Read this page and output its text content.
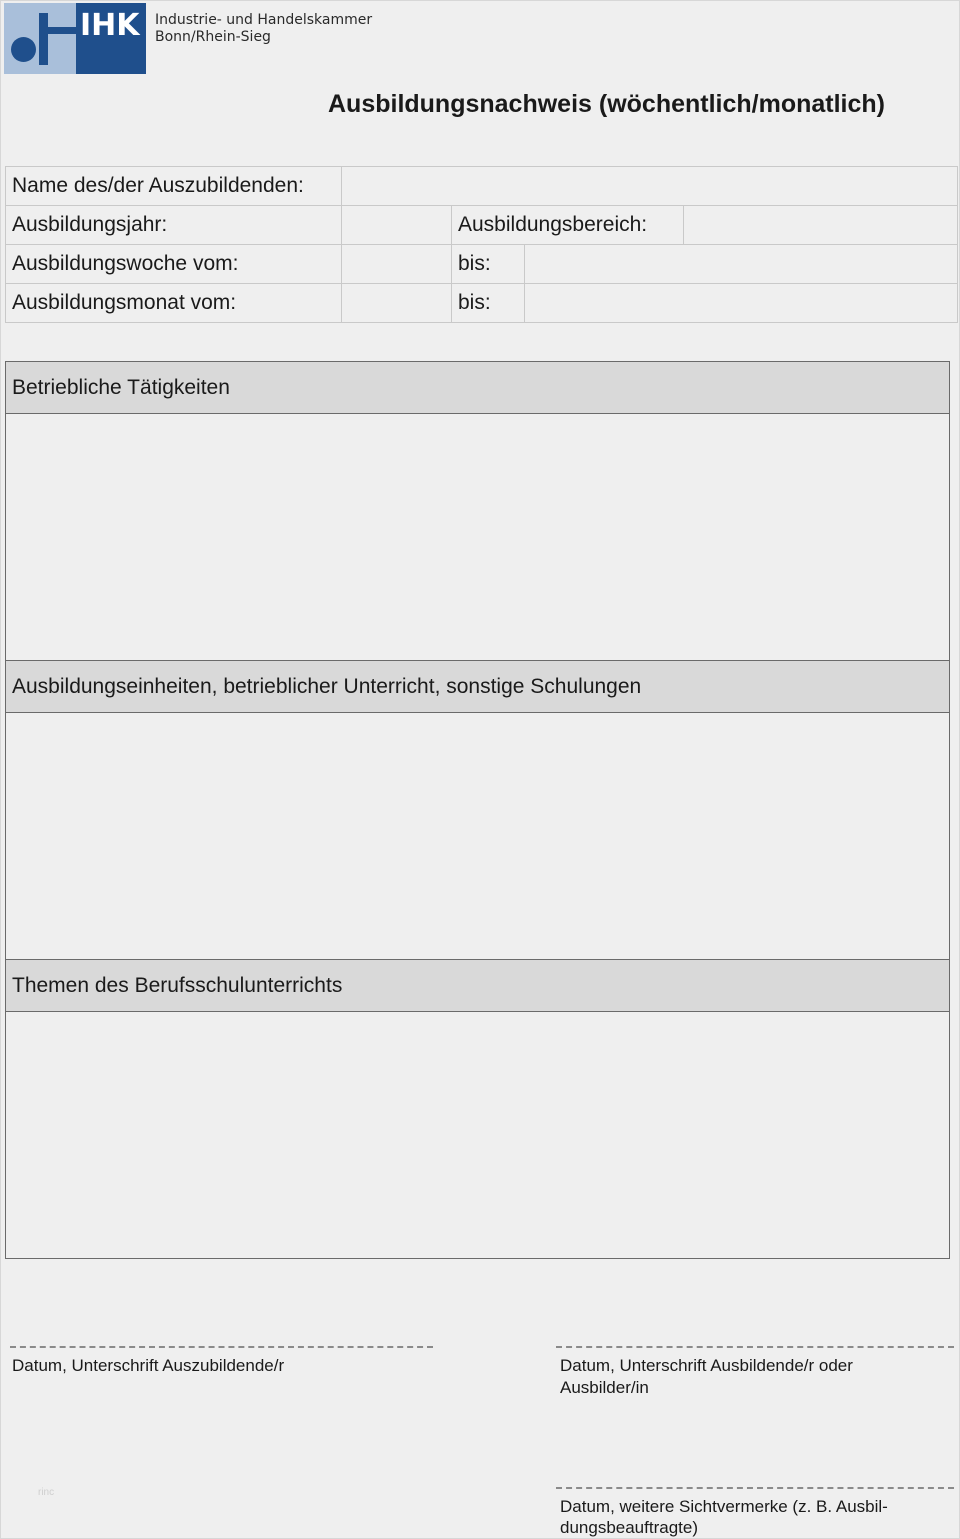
IHK	Industrie- und Handelskammer
Bonn/Rhein-Sieg
Ausbildungsnachweis (wöchentlich/monatlich)
Name des/der Auszubildenden:				
Ausbildungsjahr:		Ausbildungsbereich:		
Ausbildungswoche vom:		bis:		
Ausbildungsmonat vom:		bis:		
Betriebliche Tätigkeiten
Ausbildungseinheiten, betrieblicher Unterricht, sonstige Schulungen
Themen des Berufsschulunterrichts
Datum, Unterschrift Auszubildende/r	Datum, Unterschrift Ausbildende/r oder
Ausbilder/in
Datum, weitere Sichtvermerke (z. B. Ausbil-
dungsbeauftragte)
rinc
